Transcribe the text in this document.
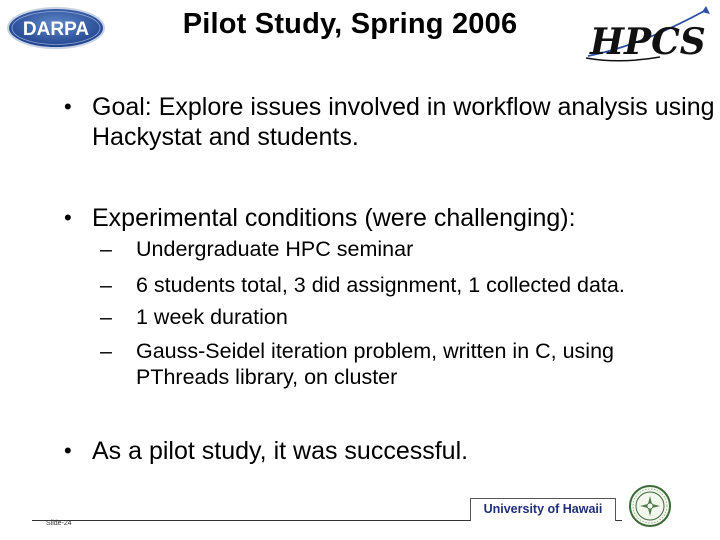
DARPA	Pilot Study, Spring 2006	HPCS
• Goal: Explore issues involved in workflow analysis using Hackystat and students.
• Experimental conditions (were challenging):
–	Undergraduate HPC seminar
–	6 students total, 3 did assignment, 1 collected data.
–	1 week duration
–	Gauss-Seidel iteration problem, written in C, using PThreads library, on cluster
• As a pilot study, it was successful.
University of Hawaii
Slide-24
